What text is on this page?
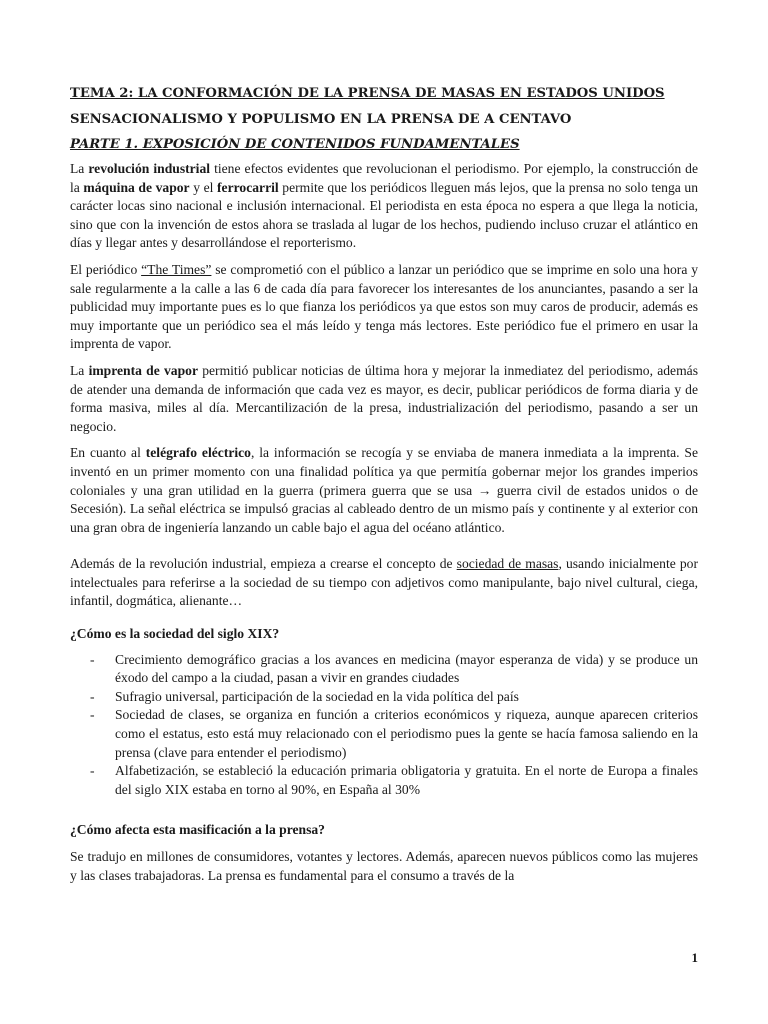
TEMA 2: LA CONFORMACIÓN DE LA PRENSA DE MASAS EN ESTADOS UNIDOS
SENSACIONALISMO Y POPULISMO EN LA PRENSA DE A CENTAVO
PARTE 1. EXPOSICIÓN DE CONTENIDOS FUNDAMENTALES

La revolución industrial tiene efectos evidentes que revolucionan el periodismo. Por ejemplo, la construcción de la máquina de vapor y el ferrocarril permite que los periódicos lleguen más lejos, que la prensa no solo tenga un carácter locas sino nacional e inclusión internacional. El periodista en esta época no espera a que llega la noticia, sino que con la invención de estos ahora se traslada al lugar de los hechos, pudiendo incluso cruzar el atlántico en días y llegar antes y desarrollándose el reporterismo.

El periódico “The Times” se comprometió con el público a lanzar un periódico que se imprime en solo una hora y sale regularmente a la calle a las 6 de cada día para favorecer los interesantes de los anunciantes, pasando a ser la publicidad muy importante pues es lo que fianza los periódicos ya que estos son muy caros de producir, además es muy importante que un periódico sea el más leído y tenga más lectores. Este periódico fue el primero en usar la imprenta de vapor.

La imprenta de vapor permitió publicar noticias de última hora y mejorar la inmediatez del periodismo, además de atender una demanda de información que cada vez es mayor, es decir, publicar periódicos de forma diaria y de forma masiva, miles al día. Mercantilización de la presa, industrialización del periodismo, pasando a ser un negocio.

En cuanto al telégrafo eléctrico, la información se recogía y se enviaba de manera inmediata a la imprenta. Se inventó en un primer momento con una finalidad política ya que permitía gobernar mejor los grandes imperios coloniales y una gran utilidad en la guerra (primera guerra que se usa → guerra civil de estados unidos o de Secesión). La señal eléctrica se impulsó gracias al cableado dentro de un mismo país y continente y al exterior con una gran obra de ingeniería lanzando un cable bajo el agua del océano atlántico.

Además de la revolución industrial, empieza a crearse el concepto de sociedad de masas, usando inicialmente por intelectuales para referirse a la sociedad de su tiempo con adjetivos como manipulante, bajo nivel cultural, ciega, infantil, dogmática, alienante…

¿Cómo es la sociedad del siglo XIX?
- Crecimiento demográfico gracias a los avances en medicina (mayor esperanza de vida) y se produce un éxodo del campo a la ciudad, pasan a vivir en grandes ciudades
- Sufragio universal, participación de la sociedad en la vida política del país
- Sociedad de clases, se organiza en función a criterios económicos y riqueza, aunque aparecen criterios como el estatus, esto está muy relacionado con el periodismo pues la gente se hacía famosa saliendo en la prensa (clave para entender el periodismo)
- Alfabetización, se estableció la educación primaria obligatoria y gratuita. En el norte de Europa a finales del siglo XIX estaba en torno al 90%, en España al 30%
¿Cómo afecta esta masificación a la prensa?

Se tradujo en millones de consumidores, votantes y lectores. Además, aparecen nuevos públicos como las mujeres y las clases trabajadoras. La prensa es fundamental para el consumo a través de la

1
